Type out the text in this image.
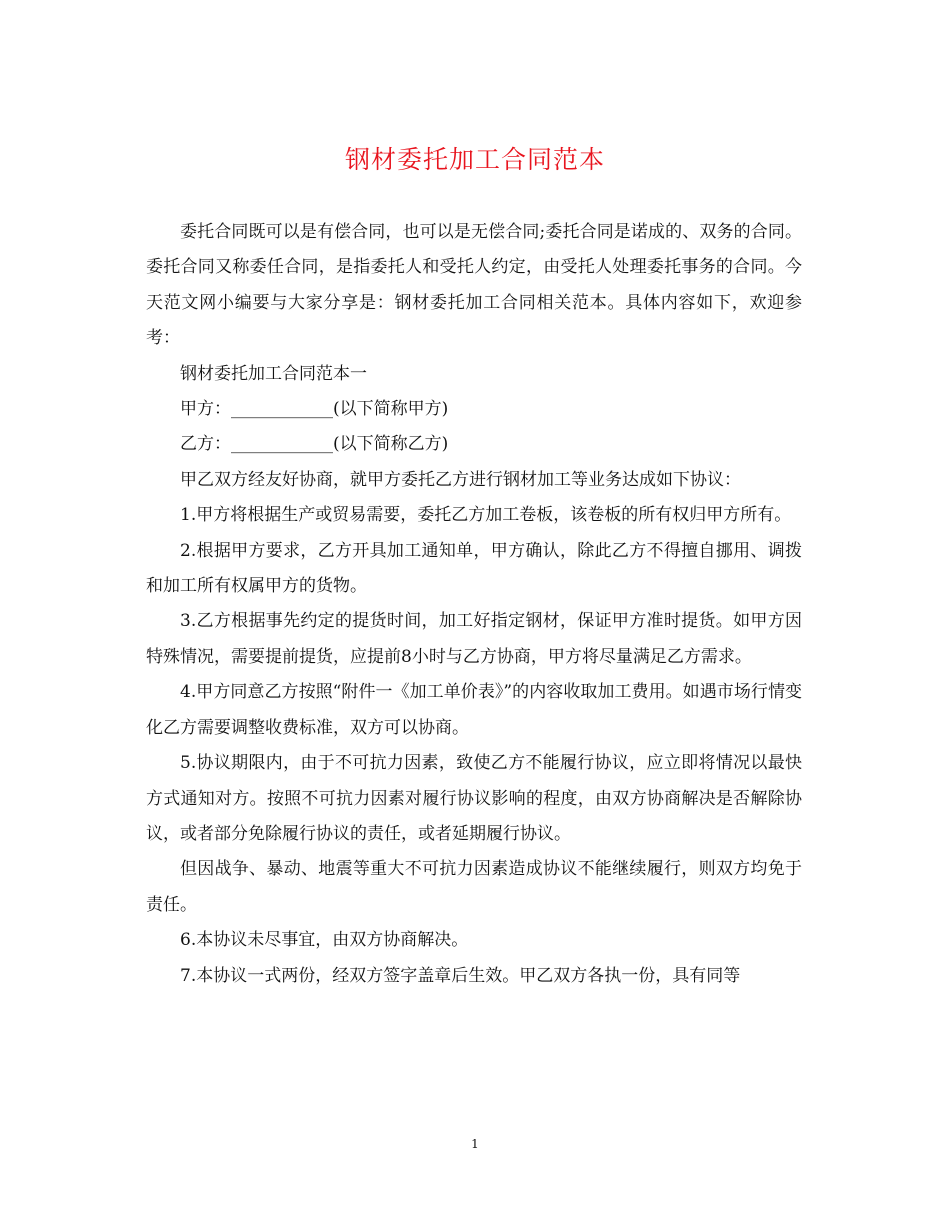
钢材委托加工合同范本

委托合同既可以是有偿合同，也可以是无偿合同;委托合同是诺成的、双务的合同。委托合同又称委任合同，是指委托人和受托人约定，由受托人处理委托事务的合同。今天范文网小编要与大家分享是：钢材委托加工合同相关范本。具体内容如下，欢迎参考：

钢材委托加工合同范本一

甲方：____________(以下简称甲方)

乙方：____________(以下简称乙方)

甲乙双方经友好协商，就甲方委托乙方进行钢材加工等业务达成如下协议：

1.甲方将根据生产或贸易需要，委托乙方加工卷板，该卷板的所有权归甲方所有。

2.根据甲方要求，乙方开具加工通知单，甲方确认，除此乙方不得擅自挪用、调拨和加工所有权属甲方的货物。

3.乙方根据事先约定的提货时间，加工好指定钢材，保证甲方准时提货。如甲方因特殊情况，需要提前提货，应提前8小时与乙方协商，甲方将尽量满足乙方需求。

4.甲方同意乙方按照“附件一《加工单价表》”的内容收取加工费用。如遇市场行情变化乙方需要调整收费标准，双方可以协商。

5.协议期限内，由于不可抗力因素，致使乙方不能履行协议，应立即将情况以最快方式通知对方。按照不可抗力因素对履行协议影响的程度，由双方协商解决是否解除协议，或者部分免除履行协议的责任，或者延期履行协议。

但因战争、暴动、地震等重大不可抗力因素造成协议不能继续履行，则双方均免于责任。

6.本协议未尽事宜，由双方协商解决。

7.本协议一式两份，经双方签字盖章后生效。甲乙双方各执一份，具有同等

1
